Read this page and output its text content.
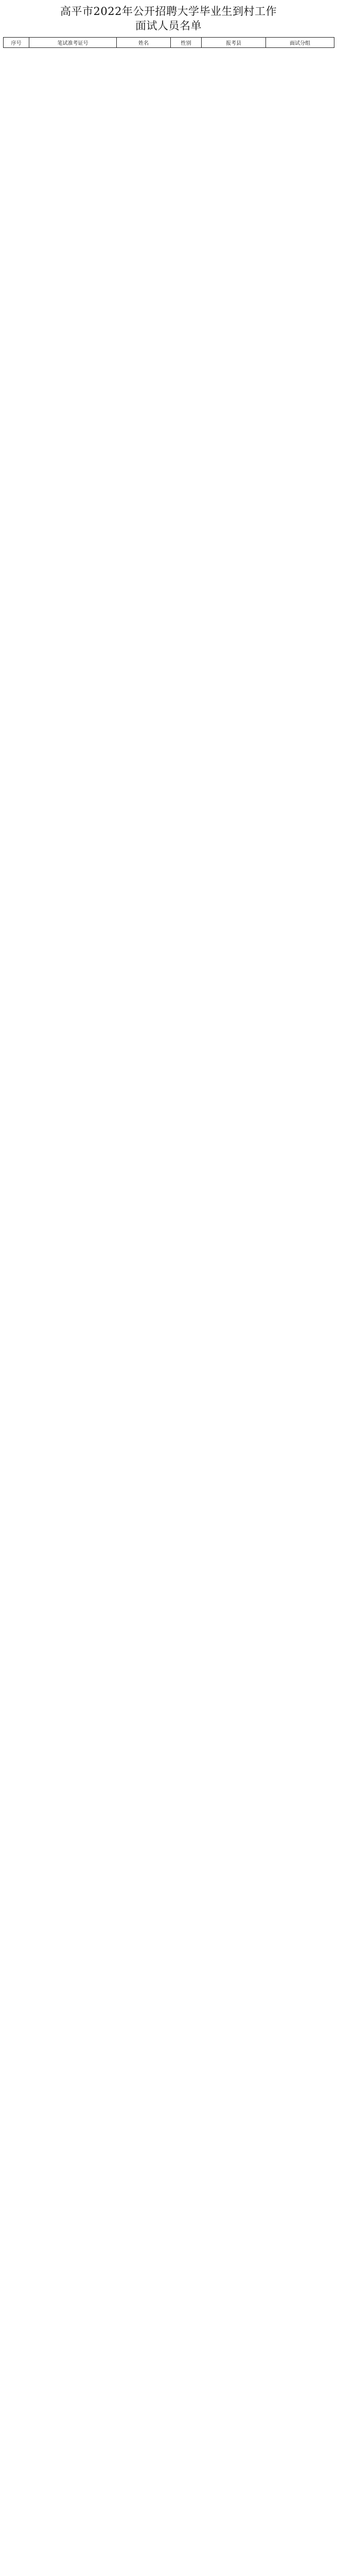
高平市2022年公开招聘大学毕业生到村工作
面试人员名单
序号	笔试准考证号	姓名	性别	报考县	面试分组
